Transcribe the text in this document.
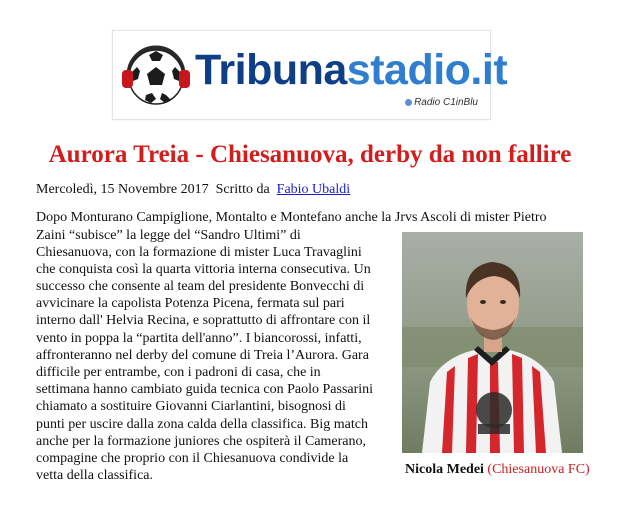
Tribunastadio.it
Radio C1inBlu
Aurora Treia - Chiesanuova, derby da non fallire
Mercoledì, 15 Novembre 2017 Scritto da Fabio Ubaldi

Dopo Monturano Campiglione, Montalto e Montefano anche la Jrvs Ascoli di mister Pietro

Zaini “subisce” la legge del “Sandro Ultimi” di

Chiesanuova, con la formazione di mister Luca Travaglini

che conquista così la quarta vittoria interna consecutiva. Un

successo che consente al team del presidente Bonvecchi di

avvicinare la capolista Potenza Picena, fermata sul pari

interno dall' Helvia Recina, e soprattutto di affrontare con il

vento in poppa la “partita dell'anno”. I biancorossi, infatti,

affronteranno nel derby del comune di Treia l’Aurora. Gara

difficile per entrambe, con i padroni di casa, che in

settimana hanno cambiato guida tecnica con Paolo Passarini

chiamato a sostituire Giovanni Ciarlantini, bisognosi di

punti per uscire dalla zona calda della classifica. Big match

anche per la formazione juniores che ospiterà il Camerano,

compagine che proprio con il Chiesanuova condivide la

vetta della classifica.	Nicola Medei (Chiesanuova FC)
